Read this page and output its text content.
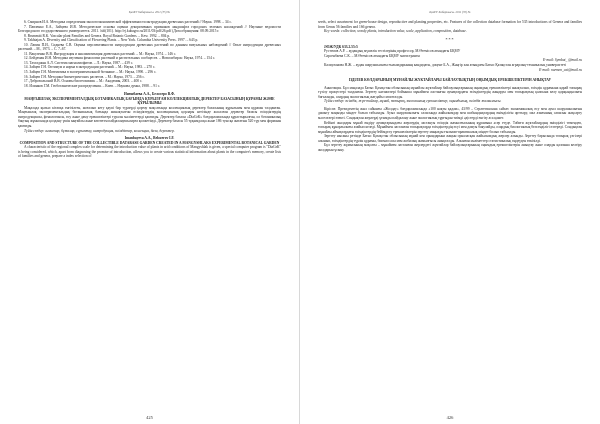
ҚазҰУ Хабаршысы. 2011 (35) №

6. Смирнов И.А. Методика определения экологоэкономической эффективности интродукции древесных растений // Наука. 1998. – 34 с.

7. Павленко Е.А., Зайцева И.В. Методические основы оценки декоративных признаков ландшафта городских зеленых насаждений // Научные ведомости Белгородского государственного университета. 2011. №6(101). http://ej.kubagro.ru/2011/03/pdf/26.pdf (Дата обращения: 08.09.2015 г.

8. Brummitt R.K. Vascular plant Families and Genera. Royal Botanic Gardens. – Kew. 1992. – 804 p.

9. Takhtajan A. Diversity and Classification of Flowering Plants. – New York. Columbia University Press. 1997. – 643 p.

10. Лапин П.И., Сиднева С.В. Оценка перспективности интродукции древесных растений по данным визуальных наблюдений // Опыт интродукции древесных растений. – М., 1973. – С. 7–67.

11. Вакуленко В.В. Интродукция и акклиматизация древесных растений. – М.: Наука, 1974. – 146 с.

12. Бейдеман И.Н. Методика изучения фенологии растений и растительных сообществ. – Новосибирск: Наука, 1974. – 154 с.

13. Тахтаджян А.Л. Система магнолиофитов. – Л.: Наука, 1987. – 439 с.

14. Зайцев Г.Н. Оптимум и норма в интродукции растений. – М.: Наука, 1983. – 270 с.

15. Зайцев Г.Н. Математика в экспериментальной ботанике. – М.: Наука, 1990. – 296 с.

16. Зайцев Г.Н. Методика биометрических расчетов. – М.: Наука, 1973. – 256 с.

17. Добровольский В.В. Основы биогеохимии. – М.: Академия, 2003. – 400 с.

18. Илинков Г.М. Геоботанические распределения. – Киев. – Наукова думка, 1988. – 91 с.

Инешбаева А.А., Белосеро В.Ф.

МАҢҒЫШЛАҚ ЭКСПЕРИМЕНТАЛДЫҚ БОТАНИКАЛЫҚ БАҒЫНДА ҚҰРЫЛҒАН КОЛЛЕКЦИЯЛЫҚ ДЕРЕКТЕР БАЗАСЫНЫҢ ҚҰРАМЫ ЖӘНЕ ҚҰРЫЛЫМЫ

Мақалада қызыл кітапқа енгізілген, жоғалып кету қаупі бар түрлерді қорғау мақсатында коллекциялық деректер базасының құрылымы мен құрамы талданған. Маңғышлақ экспериментальдық ботаникалық бағында жинақталған өсімдіктердің коллекциялық қорлары негізінде жасалған деректер базасы өсімдіктердің интродукциясы, фенологиясы, өсу және даму ерекшеліктері туралы мәліметтерді қамтиды. Деректер базасы «DiaGrK» бағдарламасында құрастырылған, ол ботаникалық бақтың жұмысында қолдану үшін ыңғайлы және көптеген пайдаланушыларға қолжетімді. Деректер базасы 55 тұқымдасқа және 186 туысқа жататын 520 түр мен форманы қамтиды.

Түйін сөздер: ағаштар, бұталар, сұрыптау, интродукция, өсімдіктер, коллекция, база, деректер.

Imanbayeva A.A., Belozerov I.F.

COMPOSITION AND STRUCTURE OF THE COLLECTIBLE DATABASE GARDEN CREATED IN A MANGYSHLAKS EXPERIMENTAL BOTANICAL GARDEN

A characteristic of the regional complex scale for determining the introduction value of plants in arid conditions of Mangyshlak is given, a special computer program is "DiaGrK" is being considered, which, apart from diagnosing the promise of introduction, allows you to create various statistical information about plants in the computer's memory, create lists of families and genera, prepare a index selection of

425
ҚазҰУ Хабаршысы. 2011 (35) №

seeds, select assortment for green-house design, reproductive and planting properties, etc. Features of the collection database formation for 535 introductions of Genera and families from Genus 56 families and 166 genera.

Key words: collection, woody plants, introduction value, scale, application, composition, database.

***

ӘОЖ/УДК 633.2.55:5

Рустемов А.Р. – аудандық мүшелік тестілерінің профессор, М.Өтемісов атындағы БҚМУ

Сарсенбаева С.К. – М.Өтемісов атындағы БҚМУ магистранты

E-mail: Symbat_ @mail.ru

Калиуланова Н.Ж. – аудан шаруашылығы ғылымдарының кандидаты, доцент Б.А., Жәңгір хан атындағы Батыс Қазақстан аграрлық-техникалық университеті

E-mail: nurmen_cat@mail.ru

ІЗДІЛЕВ КӨЛДАРЫНЫҢ МҰНАЙЛЫ ЖҮКТАЙЛАРЫ БАЙЛАУЛЫҚТЫҢ ОҢЫМДЫҚ ЕРЕКШЕЛІКТЕРІН АНЫҚТАУ

Аннотация. Бұл мақалада Батыс Қазақстан облысының мұнайлы жүктайлар байлаулықтарының оңымдық ерекшеліктері анықталып, өсімдік құрамына қарай топырақ түзілу процестері талданған. Зерттеу нәтижелері бойынша мұнаймен ластанған аумақтардағы өсімдіктердің жаңаруы мен топырақтың қалпына келу қарқындылығы бағаланды, олардың экологиялық жағдайы сипатталды.

Түйін сөздер: өсімдік, жүк-тайлар, мұнай, топырақ, экологиялық ерекшеліктер, оңымдылық, өсімдік жамылғысы.

Кіріспе. Президенттің жыл сайынғы «Жолдау» бағдарламасында «100 нақты қадам», 43/99 – Стратегиясына сәйкес экономикалық өсу мен ауыл шаруашылығын дамыту маңызды міндет болып табылады. Ауыл шаруашылығы саласында жайылымдар мен шабындықтардың өнімділігін арттыру, мал азығының сапасын жақсарту мәселелері өзекті. Сондықтан жерлерді ұтымды пайдалану және экологиялық тұрғыдан тиімді әдістерді енгізу аса қажет.

Кейінгі жылдары мұнай өндіру аумақтарындағы жерлердің ластануы өсімдік жамылғысының құрамына әсер етуде. Табиғи жүктайлардың өнімділігі төмендеп, топырақ құнарлылығы азайып келеді. Мұнаймен ластанған топырақтарда өсімдіктердің өсуі мен дамуы баяулайды, олардың биологиялық белсенділігі өзгереді. Сондықтан мұнайлы аймақтардағы өсімдіктердің бейімделу ерекшеліктерін зерттеу маңызды ғылыми-практикалық міндет болып табылады.

Зерттеу нысаны ретінде Батыс Қазақстан облысының мұнай кен орындарына жақын орналасқан жайылымдық жерлер алынды. Зерттеу барысында топырақ үлгілері алынып, өсімдіктердің түрлік құрамы, биомассасы мен жобалық жамылғысы анықталды. Алынған мәліметтер статистикалық өңдеуден өткізілді.

Бұл зерттеу жұмысының мақсаты – мұнаймен ластанған жерлердегі жүктайлар байлаулықтарының оңымдық ерекшеліктерін анықтау және оларды қалпына келтіру жолдарын ұсыну.

426
